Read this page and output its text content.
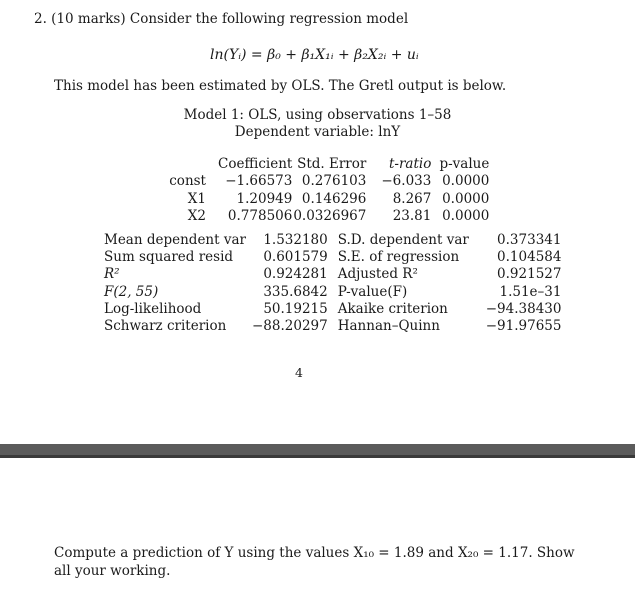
2. (10 marks) Consider the following regression model
ln(Yᵢ) = β₀ + β₁X₁ᵢ + β₂X₂ᵢ + uᵢ
This model has been estimated by OLS. The Gretl output is below.
Model 1: OLS, using observations 1–58
Dependent variable: lnY
	Coefficient	Std. Error	t-ratio	p-value
const	−1.66573	0.276103	−6.033	0.0000
X1	1.20949	0.146296	8.267	0.0000
X2	0.778506	0.0326967	23.81	0.0000
Mean dependent var	1.532180	S.D. dependent var	0.373341
Sum squared resid	0.601579	S.E. of regression	0.104584
R²	0.924281	Adjusted R²	0.921527
F(2, 55)	335.6842	P-value(F)	1.51e–31
Log-likelihood	50.19215	Akaike criterion	−94.38430
Schwarz criterion	−88.20297	Hannan–Quinn	−91.97655
4
Compute a prediction of Y using the values X₁₀ = 1.89 and X₂₀ = 1.17. Show all your working.
